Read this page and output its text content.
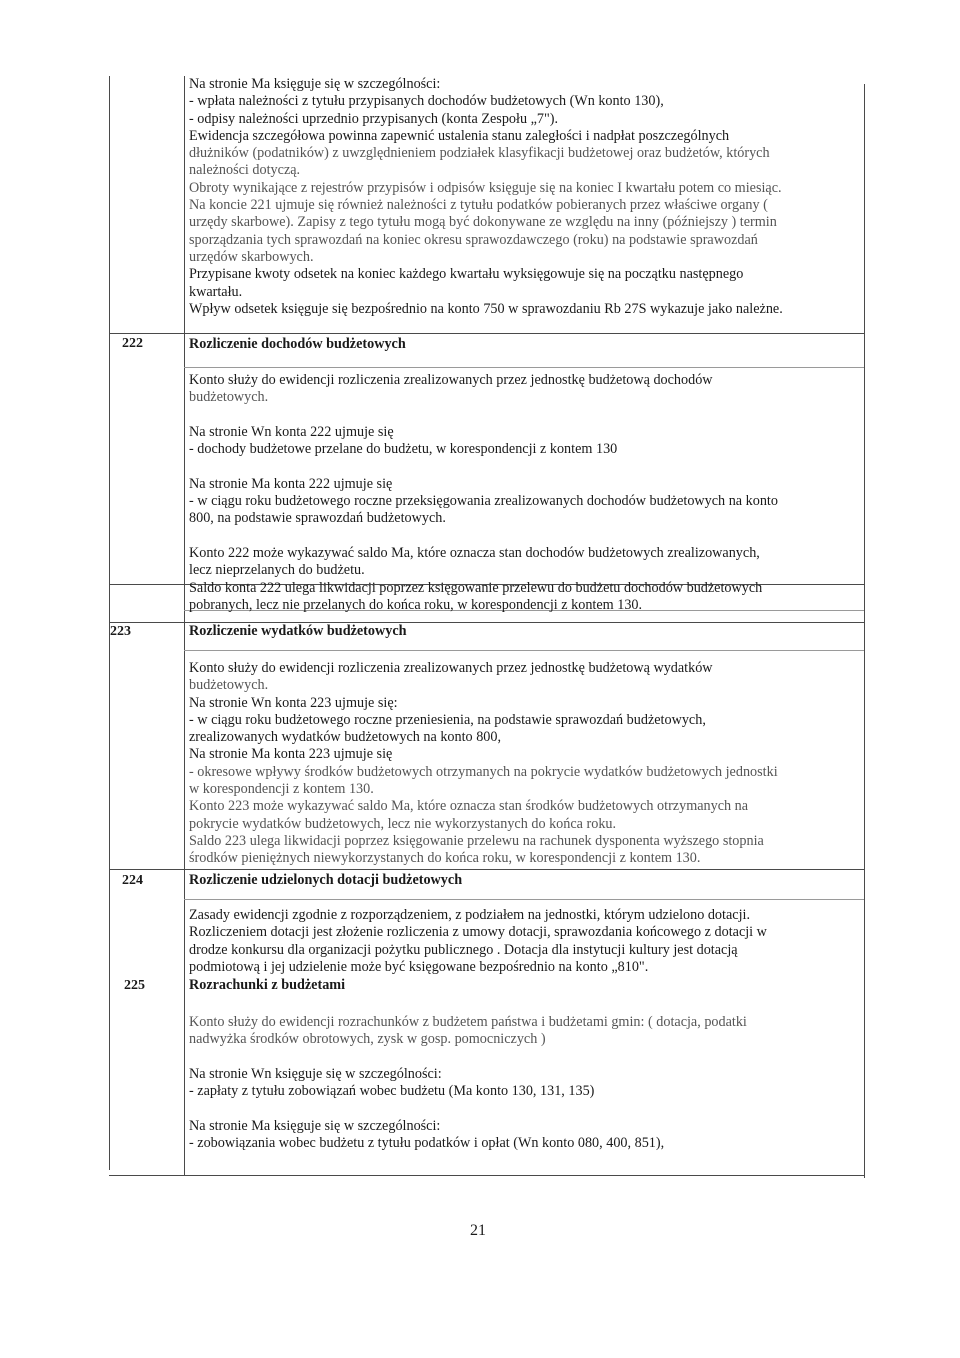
Na stronie Ma księguje się w szczególności:

- wpłata należności z tytułu przypisanych dochodów budżetowych (Wn konto 130),

- odpisy należności uprzednio przypisanych (konta Zespołu „7").

Ewidencja szczegółowa powinna zapewnić ustalenia stanu zaległości i nadpłat poszczególnych

dłużników (podatników) z uwzględnieniem podziałek klasyfikacji budżetowej oraz budżetów, których

należności dotyczą.

Obroty wynikające z rejestrów przypisów i odpisów księguje się na koniec I kwartału potem co miesiąc.

Na koncie 221 ujmuje się również należności z tytułu podatków pobieranych przez właściwe organy (

urzędy skarbowe). Zapisy z tego tytułu mogą być dokonywane ze względu na inny (późniejszy ) termin

sporządzania tych sprawozdań na koniec okresu sprawozdawczego (roku) na podstawie sprawozdań

urzędów skarbowych.

Przypisane kwoty odsetek na koniec każdego kwartału wyksięgowuje się na początku następnego

kwartału.

Wpływ odsetek księguje się bezpośrednio na konto 750 w sprawozdaniu Rb 27S wykazuje jako należne.

222	Rozliczenie dochodów budżetowych

Konto służy do ewidencji rozliczenia zrealizowanych przez jednostkę budżetową dochodów

budżetowych.

Na stronie Wn konta 222 ujmuje się

- dochody budżetowe przelane do budżetu, w korespondencji z kontem 130

Na stronie Ma konta 222 ujmuje się

- w ciągu roku budżetowego roczne przeksięgowania zrealizowanych dochodów budżetowych na konto

800, na podstawie sprawozdań budżetowych.

Konto 222 może wykazywać saldo Ma, które oznacza stan dochodów budżetowych zrealizowanych,

lecz nieprzelanych do budżetu.

Saldo konta 222 ulega likwidacji poprzez księgowanie przelewu do budżetu dochodów budżetowych

pobranych, lecz nie przelanych do końca roku, w korespondencji z kontem 130.

223	Rozliczenie wydatków budżetowych

Konto służy do ewidencji rozliczenia zrealizowanych przez jednostkę budżetową wydatków

budżetowych.

Na stronie Wn konta 223 ujmuje się:

- w ciągu roku budżetowego roczne przeniesienia, na podstawie sprawozdań budżetowych,

zrealizowanych wydatków budżetowych na konto 800,

Na stronie Ma konta 223 ujmuje się

- okresowe wpływy środków budżetowych otrzymanych na pokrycie wydatków budżetowych jednostki

w korespondencji z kontem 130.

Konto 223 może wykazywać saldo Ma, które oznacza stan środków budżetowych otrzymanych na

pokrycie wydatków budżetowych, lecz nie wykorzystanych do końca roku.

Saldo 223 ulega likwidacji poprzez księgowanie przelewu na rachunek dysponenta wyższego stopnia

środków pieniężnych niewykorzystanych do końca roku, w korespondencji z kontem 130.

224	Rozliczenie udzielonych dotacji budżetowych

Zasady ewidencji zgodnie z rozporządzeniem, z podziałem na jednostki, którym udzielono dotacji.

Rozliczeniem dotacji jest złożenie rozliczenia z umowy dotacji, sprawozdania końcowego z dotacji w

drodze konkursu dla organizacji pożytku publicznego . Dotacja dla instytucji kultury jest dotacją

podmiotową i jej udzielenie może być księgowane bezpośrednio na konto „810".

225	Rozrachunki z budżetami

Konto służy do ewidencji rozrachunków z budżetem państwa i budżetami gmin: ( dotacja, podatki

nadwyżka środków obrotowych, zysk w gosp. pomocniczych )

Na stronie Wn księguje się w szczególności:

- zapłaty z tytułu zobowiązań wobec budżetu (Ma konto 130, 131, 135)

Na stronie Ma księguje się w szczególności:

- zobowiązania wobec budżetu z tytułu podatków i opłat (Wn konto 080, 400, 851),

21
